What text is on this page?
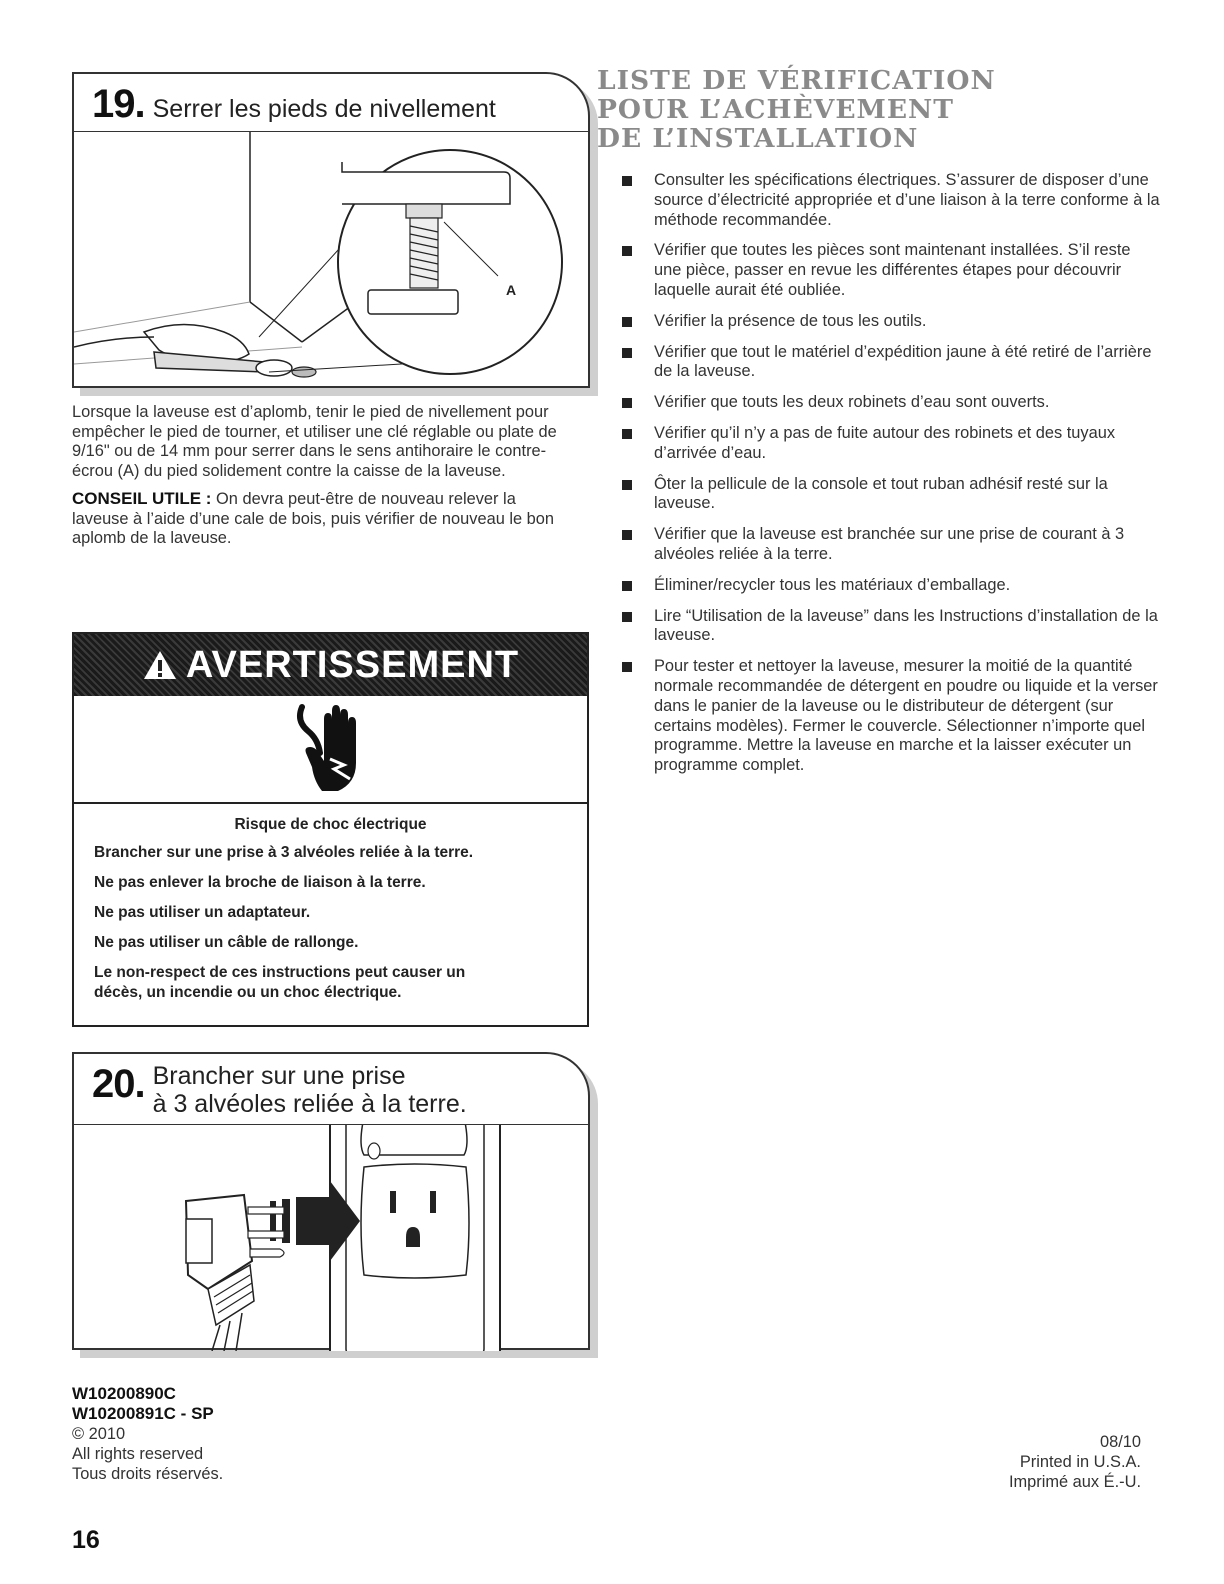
19. Serrer les pieds de nivellement
A

Lorsque la laveuse est d’aplomb, tenir le pied de nivellement pour empêcher le pied de tourner, et utiliser une clé réglable ou plate de 9/16" ou de 14 mm pour serrer dans le sens antihoraire le contre-écrou (A) du pied solidement contre la caisse de la laveuse.

CONSEIL UTILE : On devra peut-être de nouveau relever la laveuse à l’aide d’une cale de bois, puis vérifier de nouveau le bon aplomb de la laveuse.

AVERTISSEMENT
Risque de choc électrique

Brancher sur une prise à 3 alvéoles reliée à la terre.

Ne pas enlever la broche de liaison à la terre.

Ne pas utiliser un adaptateur.

Ne pas utiliser un câble de rallonge.

Le non-respect de ces instructions peut causer un décès, un incendie ou un choc électrique.

20. Brancher sur une prise
à 3 alvéoles reliée à la terre.
LISTE DE VÉRIFICATION
POUR L’ACHÈVEMENT
DE L’INSTALLATION
Consulter les spécifications électriques. S’assurer de disposer d’une source d’électricité appropriée et d’une liaison à la terre conforme à la méthode recommandée.
Vérifier que toutes les pièces sont maintenant installées. S’il reste une pièce, passer en revue les différentes étapes pour découvrir laquelle aurait été oubliée.
Vérifier la présence de tous les outils.
Vérifier que tout le matériel d’expédition jaune à été retiré de l’arrière de la laveuse.
Vérifier que touts les deux robinets d’eau sont ouverts.
Vérifier qu’il n’y a pas de fuite autour des robinets et des tuyaux d’arrivée d’eau.
Ôter la pellicule de la console et tout ruban adhésif resté sur la laveuse.
Vérifier que la laveuse est branchée sur une prise de courant à 3 alvéoles reliée à la terre.
Éliminer/recycler tous les matériaux d’emballage.
Lire “Utilisation de la laveuse” dans les Instructions d’installation de la laveuse.
Pour tester et nettoyer la laveuse, mesurer la moitié de la quantité normale recommandée de détergent en poudre ou liquide et la verser dans le panier de la laveuse ou le distributeur de détergent (sur certains modèles). Fermer le couvercle. Sélectionner n’importe quel programme. Mettre la laveuse en marche et la laisser exécuter un programme complet.
W10200890C
W10200891C - SP
© 2010
All rights reserved
Tous droits réservés.
08/10
Printed in U.S.A.
Imprimé aux É.-U.
16
